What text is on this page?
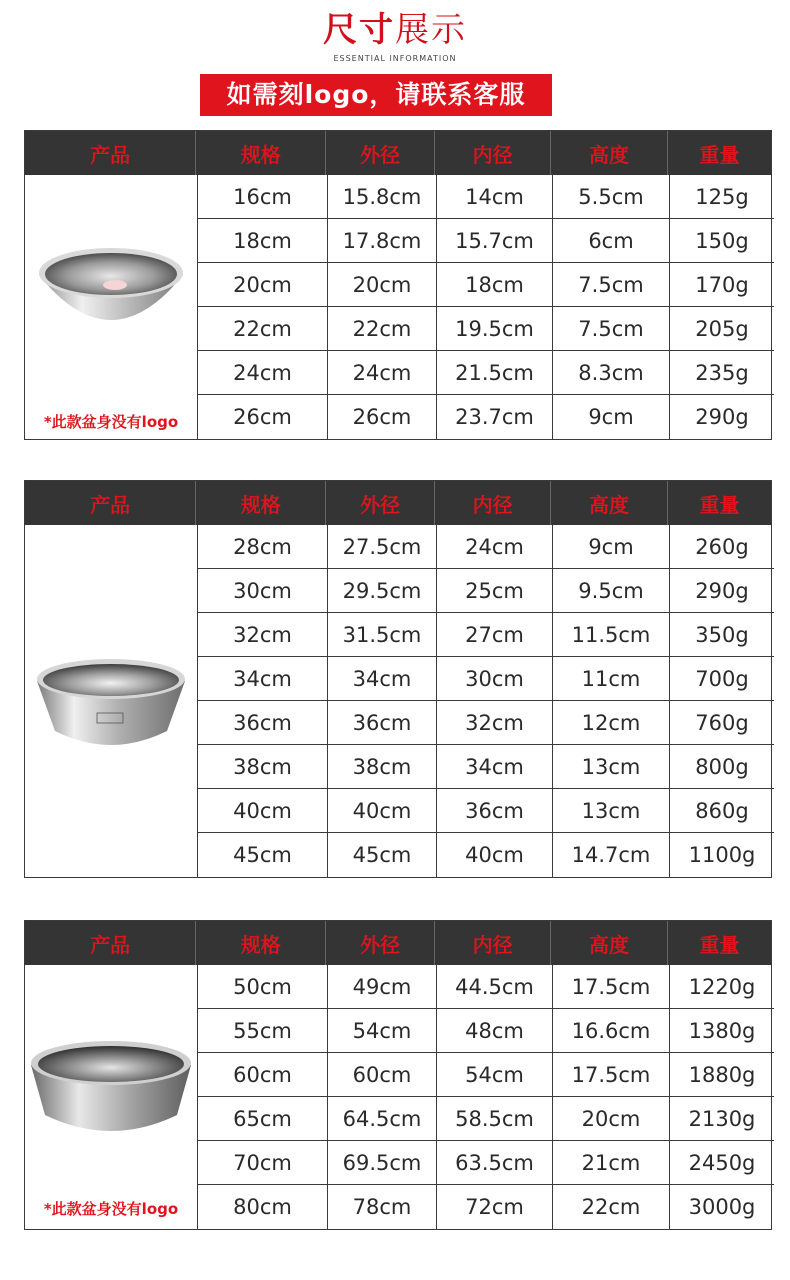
尺寸展示
ESSENTIAL INFORMATION
如需刻logo，请联系客服
产品	规格	外径	内径	高度	重量
*此款盆身没有logo
16cm	15.8cm	14cm	5.5cm	125g
18cm	17.8cm	15.7cm	6cm	150g
20cm	20cm	18cm	7.5cm	170g
22cm	22cm	19.5cm	7.5cm	205g
24cm	24cm	21.5cm	8.3cm	235g
26cm	26cm	23.7cm	9cm	290g
产品	规格	外径	内径	高度	重量
28cm	27.5cm	24cm	9cm	260g
30cm	29.5cm	25cm	9.5cm	290g
32cm	31.5cm	27cm	11.5cm	350g
34cm	34cm	30cm	11cm	700g
36cm	36cm	32cm	12cm	760g
38cm	38cm	34cm	13cm	800g
40cm	40cm	36cm	13cm	860g
45cm	45cm	40cm	14.7cm	1100g
产品	规格	外径	内径	高度	重量
*此款盆身没有logo
50cm	49cm	44.5cm	17.5cm	1220g
55cm	54cm	48cm	16.6cm	1380g
60cm	60cm	54cm	17.5cm	1880g
65cm	64.5cm	58.5cm	20cm	2130g
70cm	69.5cm	63.5cm	21cm	2450g
80cm	78cm	72cm	22cm	3000g
